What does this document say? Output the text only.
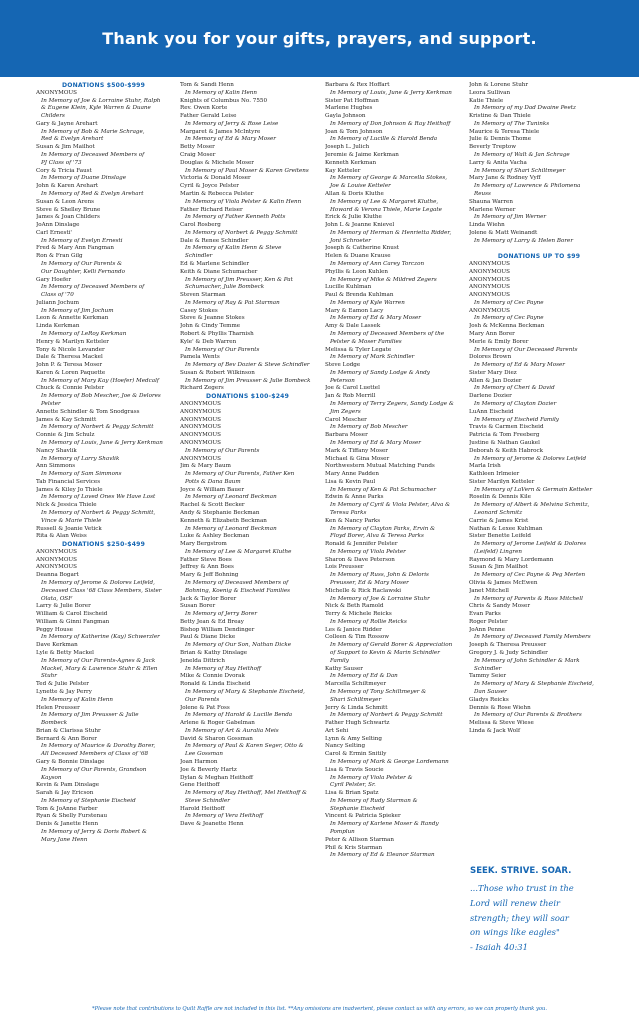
Thank you for your gifts, prayers, and support.
DONATIONS $500-$999
ANONYMOUS
In Memory of Joe & Lorraine Stuhr, Ralph
& Eugene Klein, Kyle Warren & Duane
Childers
Gary & Jayne Arehart
In Memory of Bob & Marie Schrage,
Red & Evelyn Arehart
Susan & Jim Mailhot
In Memory of Deceased Members of
PJ Class of '73
Cory & Tricia Faust
In Memory of Duane Dinslage
John & Karen Arehart
In Memory of Red & Evelyn Arehart
Susan & Leon Arens
Steve & Shelley Brune
James & Joan Childers
JoAnn Dinslage
Carl Ernesti'
In Memory of Evelyn Ernesti
Fred & Mary Ann Fangman
Ron & Fran Gilg
In Memory of Our Parents &
Our Daughter, Kelli Fernando
Gary Hoefer
In Memory of Deceased Members of
Class of '70
Juliann Jochum
In Memory of Jim Jochum
Leon & Annette Kerkman
Linda Kerkman
In Memory of LeRoy Kerkman
Henry & Marilyn Ketteler
Tony & Nicole Levander
Dale & Theresa Mackel
John P. & Teresa Moser
Karen & Loren Paquette
In Memory of Mary Kay (Hoefer) Medcalf
Chuck & Connie Pelster
In Memory of Bob Mescher, Joe & Delores
Pelster
Annette Schindler & Tom Snodgrass
James & Kay Schmitt
In Memory of Norbert & Peggy Schmitt
Connie & Jim Schulz
In Memory of Louis, June & Jerry Kerkman
Nancy Shavlik
In Memory of Larry Shavlik
Ann Simmons
In Memory of Sam Simmons
Tab Financial Services
James & Kiley Jo Thiele
In Memory of Loved Ones We Have Lost
Nick & Jessica Thiele
In Memory of Norbert & Peggy Schmitt,
Vince & Marie Thiele
Russell & Joanie Vetick
Rita & Alan Weiss
DONATIONS $250-$499
ANONYMOUS
ANONYMOUS
ANONYMOUS
Deanna Bogart
In Memory of Jerome & Dolores Leifeld,
Deceased Class '68 Class Members, Sister
Olata, OSF
Larry & Julie Borer
William & Carol Eischeid
William & Ginni Fangman
Peggy House
In Memory of Katherine (Kay) Schwerzler
Dave Kerkman
Lyle & Betty Mackel
In Memory of Our Parents-Agnes & Jack
Mackel, Mary & Lawrence Stuhr & Ellen
Stuhr
Ted & Julie Pelster
Lynette & Jay Perry
In Memory of Kalin Henn
Helen Preusser
In Memory of Jim Preusser & Julie
Bombeck
Brian & Clarissa Stuhr
Bernard & Ann Borer
In Memory of Maurice & Dorothy Borer,
All Deceased Members of Class of '68
Gary & Bonnie Dinslage
In Memory of Our Parents, Grandson
Kayson
Kevin & Pam Dinslage
Sarah & Jay Ericson
In Memory of Stephanie Eischeid
Tom & JoAnne Farber
Ryan & Shelly Furstenau
Denis & Janette Henn
In Memory of Jerry & Doris Robert &
Mary Jane Henn
Tom & Sandi Henn
In Memory of Kalin Henn
Knights of Columbus No. 7550
Rev. Owen Korte
Father Gerald Leise
In Memory of Jerry & Rose Leise
Margaret & James McIntyre
In Memory of Ed & Mary Moser
Betty Moser
Craig Moser
Douglas & Michele Moser
In Memory of Paul Moser & Karen Greitens
Victoria & Donald Moser
Cyril & Joyce Pelster
Martin & Rebecca Pelster
In Memory of Viola Pelster & Kalin Henn
Father Richard Reiser
In Memory of Father Kenneth Potts
Carol Rosberg
In Memory of Norbert & Peggy Schmitt
Dale & Renee Schindler
In Memory of Kalin Henn & Steve
Schindler
Ed & Marlene Schindler
Keith & Diane Schumacher
In Memory of Jim Preusser, Ken & Pat
Schumacher, Julie Bombeck
Steven Starman
In Memory of Ray & Pat Starman
Casey Stokes
Steve & Jeanne Stokes
John & Cindy Temme
Robert & Phyllis Tharnish
Kyle' & Deb Warren
In Memory of Our Parents
Pamela Wents
In Memory of Bev Dozier & Steve Schindler
Susan & Robert Wilkinson
In Memory of Jim Preusser & Julie Bombeck
Richard Zegers
DONATIONS $100-$249
ANONYMOUS
ANONYMOUS
ANONYMOUS
ANONYMOUS
ANONYMOUS
ANONYMOUS
In Memory of Our Parents
ANONYMOUS
Jim & Mary Baum
In Memory of Our Parents, Father Ken
Potts & Dana Baum
Joyce & William Bauer
In Memory of Leonard Beckman
Rachel & Scott Becker
Andy & Stephanie Beckman
Kenneth & Elizabeth Beckman
In Memory of Leonard Beckman
Luke & Ashley Beckman
Mary Bergstrom
In Memory of Lee & Margaret Kluthe
Father Steve Boes
Jeffrey & Ann Boes
Mary & Jeff Bohning
In Memory of Deceased Members of
Bohning, Koenig & Eischeid Families
Jack & Taylor Borer
Susan Borer
In Memory of Jerry Borer
Betty Jean & Ed Breay
Bishop William Dendinger
Paul & Diane Dicke
In Memory of Our Son, Nathan Dicke
Brian & Kathy Dinslage
Jenelda Dittrich
In Memory of Ray Heithoff
Mike & Connie Dvorak
Ronald & Linda Eischeid
In Memory of Mary & Stephanie Eischeid,
Our Parents
Jolene & Pat Foss
In Memory of Harold & Lucille Benda
Arlene & Roger Gabelman
In Memory of Art & Auralia Meis
David & Sharon Gossman
In Memory of Paul & Karen Seger, Otto &
Lee Gossman
Joan Harmon
Joe & Beverly Hartz
Dylan & Meghan Heithoff
Gene Heithoff
In Memory of Ray Heithoff, Mel Heithoff &
Steve Schindler
Harold Heithoff
In Memory of Vera Heithoff
Dave & Jeanette Henn
Barbara & Rex Hoffart
In Memory of Louis, June & Jerry Kerkman
Sister Pat Hoffman
Marlene Hughes
Gayla Johnson
In Memory of Don Johnson & Ray Heithoff
Joan & Tom Johnson
In Memory of Lucille & Harold Benda
Joseph L. Julich
Jeremie & Jaime Kerkman
Kenneth Kerkman
Kay Ketteler
In Memory of George & Marcella Stokes,
Joe & Louise Ketteler
Allan & Doris Kluthe
In Memory of Lee & Margaret Kluthe,
Howard & Verona Thiele, Marie Legate
Erick & Julie Kluthe
John L & Jeanne Knievel
In Memory of Herman & Henrietta Ridder,
Joni Schroeter
Joseph & Catherine Knust
Helen & Duane Krause
In Memory of Ann Carey Torczon
Phyllis & Leon Kuhlen
In Memory of Mike & Mildred Zegers
Lucille Kuhlman
Paul & Brenda Kuhlman
In Memory of Kyle Warren
Mary & Eamon Lacy
In Memory of Ed & Mary Moser
Amy & Dale Lassek
In Memory of Deceased Members of the
Pelster & Moser Families
Melissa & Tyler Legate
In Memory of Mark Schindler
Steve Lodge
In Memory of Sandy Lodge & Andy
Peterson
Joe & Carol Luettel
Jan & Rob Merrill
In Memory of Terry Zegers, Sandy Lodge &
Jim Zegers
Carol Mescher
In Memory of Bob Mescher
Barbara Moser
In Memory of Ed & Mary Moser
Mark & Tiffany Moser
Michael & Gina Moser
Northwestern Mutual Matching Funds
Mary Anne Padden
Lisa & Kevin Paul
In Memory of Ken & Pat Schumacher
Edwin & Anne Parks
In Memory of Cyril & Viola Pelster, Alva &
Teresa Parks
Ken & Nancy Parks
In Memory of Clayton Parks, Ervin &
Floyd Borer, Alva & Teresa Parks
Ronald & Jennifer Pelster
In Memory of Viola Pelster
Sharon & Dave Peterson
Lois Preusser
In Memory of Russ, John & Deloris
Preusser, Ed & Mary Moser
Michelle & Rick Raclawski
In Memory of Joe & Lorraine Stuhr
Nick & Beth Ramold
Terry & Michele Reicks
In Memory of Rollie Reicks
Les & Janice Ridder
Colleen & Tim Rossow
In Memory of Gerald Borer & Appreciation
of Support to Kevin & Marin Schindler
Family
Kathy Sauser
In Memory of Ed & Dan
Marcella Schiltmeyer
In Memory of Tony Schiltmeyer &
Shari Schiltmeyer
Jerry & Linda Schmitt
In Memory of Norbert & Peggy Schmitt
Father Hugh Schwartz
Art Sehi
Lynn & Amy Selting
Nancy Selting
Carol & Ermin Snitily
In Memory of Mark & George Lordemann
Lisa & Travis Soucie
In Memory of Viola Pelster &
Cyril Pelster, Sr.
Lisa & Brian Spatz
In Memory of Rudy Starman &
Stephanie Eischeid
Vincent & Patricia Spieker
In Memory of Karlene Moser & Randy
Pomplun
Peter & Allison Starman
Phil & Kris Starman
In Memory of Ed & Eleanor Starman
John & Lorene Stuhr
Leora Sullivan
Katie Thiele
In Memory of my Dad Dwaine Peetz
Kristine & Dan Thiele
In Memory of The Tuninks
Maurice & Teresa Thiele
Julie & Dennis Thome
Beverly Treptow
In Memory of Walt & Jan Schrage
Larry & Anita Vacha
In Memory of Shari Schiltmeyer
Mary Jane & Rodney Vyff
In Memory of Lawrence & Philomena
Reuss
Shauna Warren
Marlene Werner
In Memory of Jim Werner
Linda Wiehn
Jolene & Matt Weinandt
In Memory of Larry & Helen Borer

DONATIONS UP TO $99
ANONYMOUS
ANONYMOUS
ANONYMOUS
ANONYMOUS
ANONYMOUS
In Memory of Cec Payne
ANONYMOUS
In Memory of Cec Payne
Josh & McKenna Beckman
Mary Ann Borer
Merle & Emily Borer
In Memory of Our Deceased Parents
Dolores Brown
In Memory of Ed & Mary Moser
Sister Mary Diez
Allen & Jan Dozier
In Memory of Cheri & David
Darlene Dozier
In Memory of Clayton Dozier
LuAnn Eischeid
In Memory of Eischeid Family
Travis & Carmen Eischeid
Patricia & Tom Freeberg
Justine & Nathan Gaukel
Deborah & Keith Habrock
In Memory of Jerome & Dolores Leifeld
Marla Irish
Kathleen Irlmeier
Sister Marilyn Ketteler
In Memory of LaVern & Germain Ketteler
Roselin & Dennis Kile
In Memory of Albert & Melvina Schmitz,
Leonard Schmitz
Carrie & James Krist
Nathan & Lexee Kuhlman
Sister Benette Leifeld
In Memory of Jerome Leifeld & Dolores
(Leifeld) Lingren
Raymond & Mary Lordemann
Susan & Jim Mailhot
In Memory of Cec Payne & Peg Merten
Olivia & James McEwen
Janet Mitchell
In Memory of Parents & Russ Mitchell
Chris & Sandy Moser
Evan Parks
Roger Pelster
JoAnn Penne
In Memory of Deceased Family Members
Joseph & Theresa Preusser
Gregory J. & Judy Schindler
In Memory of John Schindler & Mark
Schindler
Tammy Seier
In Memory of Mary & Stephanie Eischeid,
Dan Sauser
Gladys Reicks
Dennis & Rose Wiehn
In Memory of Our Parents & Brothers
Melissa & Steve Wiese
Linda & Jack Wolf
SEEK. STRIVE. SOAR.
...Those who trust in the
Lord will renew their
strength; they will soar
on wings like eagles"
- Isaiah 40:31
*Please note that contributions to Quilt Raffle are not included in this list. **Any omissions are inadvertent, please contact us with any errors, so we can properly thank you.
